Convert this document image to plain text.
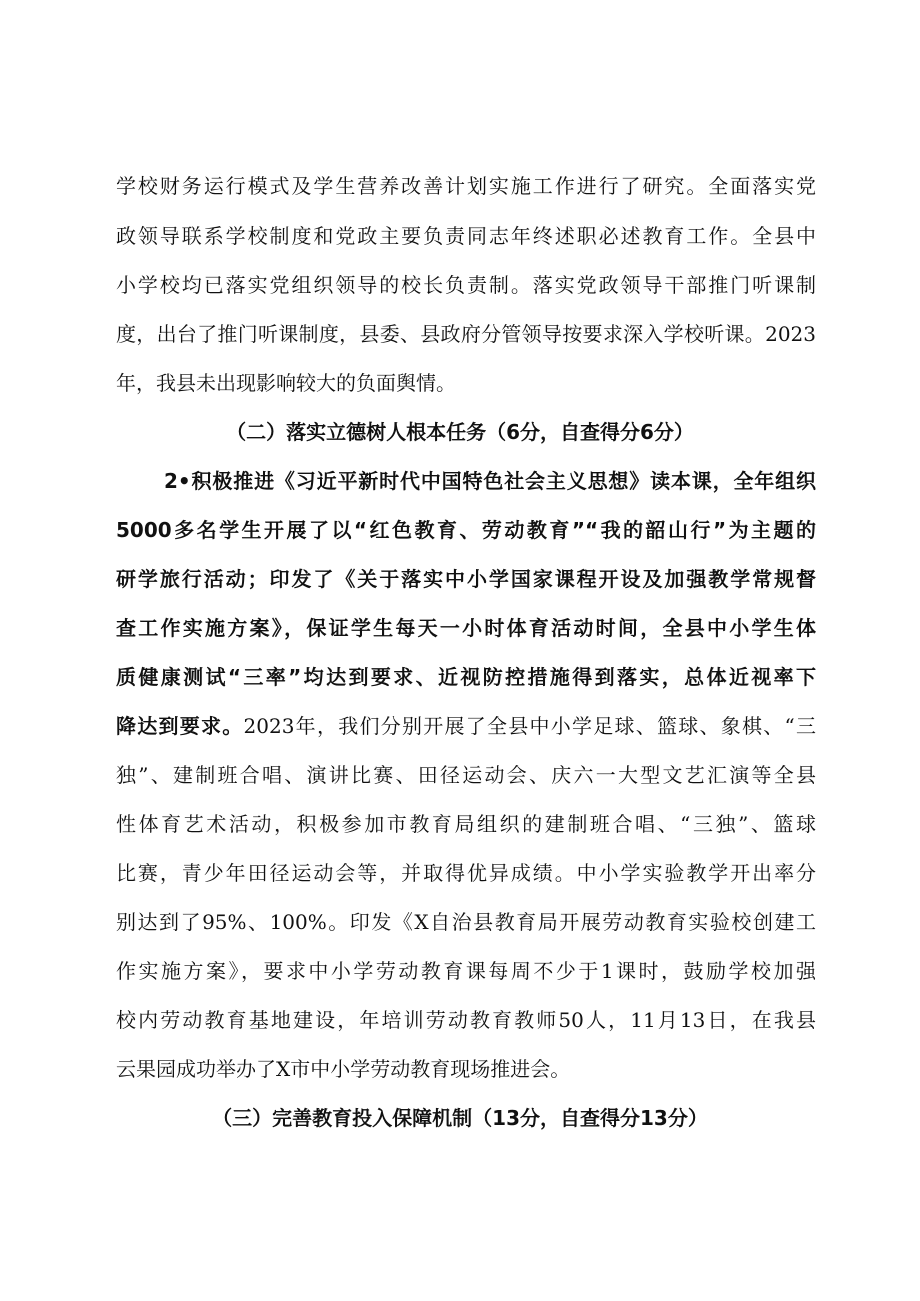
学校财务运行模式及学生营养改善计划实施工作进行了研究。全面落实党
政领导联系学校制度和党政主要负责同志年终述职必述教育工作。全县中
小学校均已落实党组织领导的校长负责制。落实党政领导干部推门听课制
度，出台了推门听课制度，县委、县政府分管领导按要求深入学校听课。2023
年，我县未出现影响较大的负面舆情。
（二）落实立德树人根本任务（6分，自查得分6分）
2•积极推进《习近平新时代中国特色社会主义思想》读本课，全年组织
5000多名学生开展了以“红色教育、劳动教育”“我的韶山行”为主题的
研学旅行活动；印发了《关于落实中小学国家课程开设及加强教学常规督
查工作实施方案》，保证学生每天一小时体育活动时间，全县中小学生体
质健康测试“三率”均达到要求、近视防控措施得到落实，总体近视率下
降达到要求。2023年，我们分别开展了全县中小学足球、篮球、象棋、“三
独”、建制班合唱、演讲比赛、田径运动会、庆六一大型文艺汇演等全县
性体育艺术活动，积极参加市教育局组织的建制班合唱、“三独”、篮球
比赛，青少年田径运动会等，并取得优异成绩。中小学实验教学开出率分
别达到了95%、100%。印发《X自治县教育局开展劳动教育实验校创建工
作实施方案》，要求中小学劳动教育课每周不少于1课时，鼓励学校加强
校内劳动教育基地建设，年培训劳动教育教师50人，11月13日，在我县
云果园成功举办了X市中小学劳动教育现场推进会。
（三）完善教育投入保障机制（13分，自查得分13分）
